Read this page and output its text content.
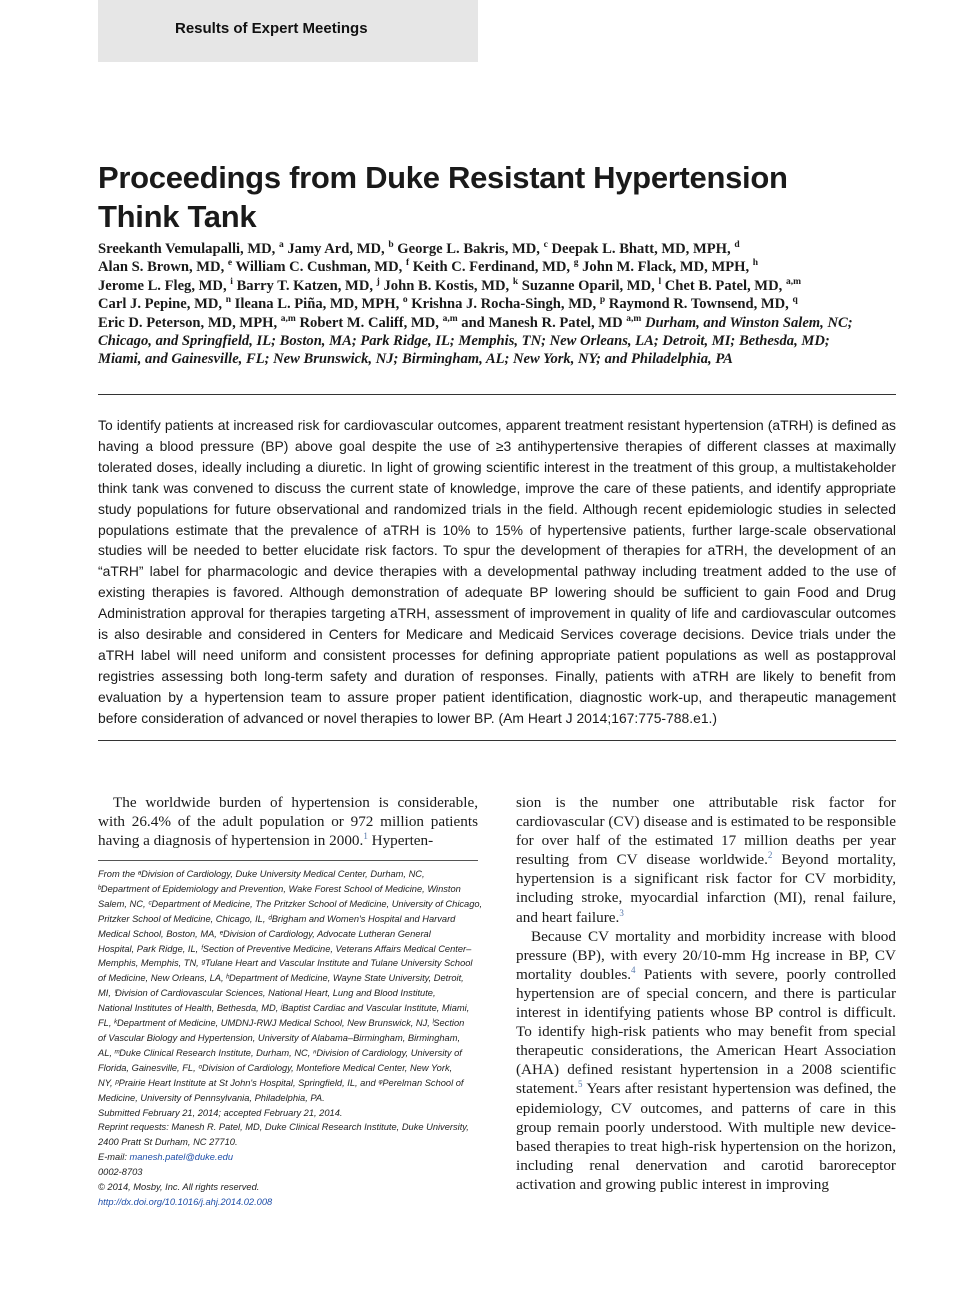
Results of Expert Meetings
Proceedings from Duke Resistant Hypertension
Think Tank
Sreekanth Vemulapalli, MD, $^a$ Jamy Ard, MD, $^b$ George L. Bakris, MD, $^c$ Deepak L. Bhatt, MD, MPH, $^d$
Alan S. Brown, MD, $^e$ William C. Cushman, MD, $^f$ Keith C. Ferdinand, MD, $^g$ John M. Flack, MD, MPH, $^h$
Jerome L. Fleg, MD, $^i$ Barry T. Katzen, MD, $^j$ John B. Kostis, MD, $^k$ Suzanne Oparil, MD, $^l$ Chet B. Patel, MD, $^{a,m}$
Carl J. Pepine, MD, $^n$ Ileana L. Piña, MD, MPH, $^o$ Krishna J. Rocha-Singh, MD, $^p$ Raymond R. Townsend, MD, $^q$
Eric D. Peterson, MD, MPH, $^{a,m}$ Robert M. Califf, MD, $^{a,m}$ and Manesh R. Patel, MD $^{a,m}$ Durham, and Winston Salem, NC;
Chicago, and Springfield, IL; Boston, MA; Park Ridge, IL; Memphis, TN; New Orleans, LA; Detroit, MI; Bethesda, MD;
Miami, and Gainesville, FL; New Brunswick, NJ; Birmingham, AL; New York, NY; and Philadelphia, PA

To identify patients at increased risk for cardiovascular outcomes, apparent treatment resistant hypertension (aTRH) is defined as having a blood pressure (BP) above goal despite the use of ≥3 antihypertensive therapies of different classes at maximally tolerated doses, ideally including a diuretic. In light of growing scientific interest in the treatment of this group, a multistakeholder think tank was convened to discuss the current state of knowledge, improve the care of these patients, and identify appropriate study populations for future observational and randomized trials in the field. Although recent epidemiologic studies in selected populations estimate that the prevalence of aTRH is 10% to 15% of hypertensive patients, further large-scale observational studies will be needed to better elucidate risk factors. To spur the development of therapies for aTRH, the development of an “aTRH” label for pharmacologic and device therapies with a developmental pathway including treatment added to the use of existing therapies is favored. Although demonstration of adequate BP lowering should be sufficient to gain Food and Drug Administration approval for therapies targeting aTRH, assessment of improvement in quality of life and cardiovascular outcomes is also desirable and considered in Centers for Medicare and Medicaid Services coverage decisions. Device trials under the aTRH label will need uniform and consistent processes for defining appropriate patient populations as well as postapproval registries assessing both long-term safety and duration of responses. Finally, patients with aTRH are likely to benefit from evaluation by a hypertension team to assure proper patient identification, diagnostic work-up, and therapeutic management before consideration of advanced or novel therapies to lower BP. (Am Heart J 2014;167:775-788.e1.)

The worldwide burden of hypertension is considerable, with 26.4% of the adult population or 972 million patients having a diagnosis of hypertension in 2000.$^1$ Hyperten-

From the ᵃDivision of Cardiology, Duke University Medical Center, Durham, NC,
ᵇDepartment of Epidemiology and Prevention, Wake Forest School of Medicine, Winston
Salem, NC, ᶜDepartment of Medicine, The Pritzker School of Medicine, University of Chicago,
Pritzker School of Medicine, Chicago, IL, ᵈBrigham and Women's Hospital and Harvard
Medical School, Boston, MA, ᵉDivision of Cardiology, Advocate Lutheran General
Hospital, Park Ridge, IL, ᶠSection of Preventive Medicine, Veterans Affairs Medical Center–
Memphis, Memphis, TN, ᵍTulane Heart and Vascular Institute and Tulane University School
of Medicine, New Orleans, LA, ʰDepartment of Medicine, Wayne State University, Detroit,
MI, ⁱDivision of Cardiovascular Sciences, National Heart, Lung and Blood Institute,
National Institutes of Health, Bethesda, MD, ʲBaptist Cardiac and Vascular Institute, Miami,
FL, ᵏDepartment of Medicine, UMDNJ-RWJ Medical School, New Brunswick, NJ, ˡSection
of Vascular Biology and Hypertension, University of Alabama–Birmingham, Birmingham,
AL, ᵐDuke Clinical Research Institute, Durham, NC, ⁿDivision of Cardiology, University of
Florida, Gainesville, FL, ᵒDivision of Cardiology, Montefiore Medical Center, New York,
NY, ᵖPrairie Heart Institute at St John's Hospital, Springfield, IL, and ᵠPerelman School of
Medicine, University of Pennsylvania, Philadelphia, PA.
Submitted February 21, 2014; accepted February 21, 2014.
Reprint requests: Manesh R. Patel, MD, Duke Clinical Research Institute, Duke University,
2400 Pratt St Durham, NC 27710.
E-mail: manesh.patel@duke.edu
0002-8703
© 2014, Mosby, Inc. All rights reserved.
http://dx.doi.org/10.1016/j.ahj.2014.02.008

sion is the number one attributable risk factor for cardiovascular (CV) disease and is estimated to be responsible for over half of the estimated 17 million deaths per year resulting from CV disease worldwide.$^2$ Beyond mortality, hypertension is a significant risk factor for CV morbidity, including stroke, myocardial infarction (MI), renal failure, and heart failure.$^3$

Because CV mortality and morbidity increase with blood pressure (BP), with every 20/10-mm Hg increase in BP, CV mortality doubles.$^4$ Patients with severe, poorly controlled hypertension are of special concern, and there is particular interest in identifying patients whose BP control is difficult. To identify high-risk patients who may benefit from special therapeutic considerations, the American Heart Association (AHA) defined resistant hypertension in a 2008 scientific statement.$^5$ Years after resistant hypertension was defined, the epidemiology, CV outcomes, and patterns of care in this group remain poorly understood. With multiple new device-based therapies to treat high-risk hypertension on the horizon, including renal denervation and carotid baroreceptor activation and growing public interest in improving
